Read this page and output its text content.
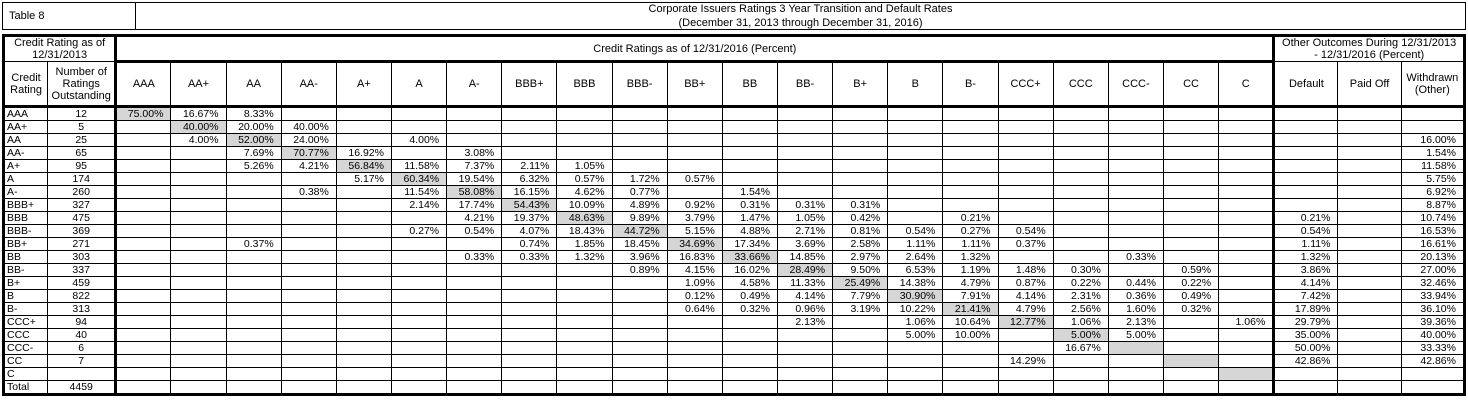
Table 8
Corporate Issuers Ratings 3 Year Transition and Default Rates
(December 31, 2013 through December 31, 2016)
Credit Rating as of 12/31/2013		Credit Ratings as of 12/31/2016 (Percent)																					Other Outcomes During 12/31/2013 - 12/31/2016 (Percent)		
Credit Rating	Number of Ratings Outstanding	AAA	AA+	AA	AA-	A+	A	A-	BBB+	BBB	BBB-	BB+	BB	BB-	B+	B	B-	CCC+	CCC	CCC-	CC	C	Default	Paid Off	Withdrawn (Other)
AAA	12	75.00%	16.67%	8.33%																					
AA+	5		40.00%	20.00%	40.00%																				
AA	25		4.00%	52.00%	24.00%		4.00%																		16.00%
AA-	65			7.69%	70.77%	16.92%		3.08%																	1.54%
A+	95			5.26%	4.21%	56.84%	11.58%	7.37%	2.11%	1.05%															11.58%
A	174					5.17%	60.34%	19.54%	6.32%	0.57%	1.72%	0.57%													5.75%
A-	260				0.38%		11.54%	58.08%	16.15%	4.62%	0.77%		1.54%												6.92%
BBB+	327						2.14%	17.74%	54.43%	10.09%	4.89%	0.92%	0.31%	0.31%	0.31%										8.87%
BBB	475							4.21%	19.37%	48.63%	9.89%	3.79%	1.47%	1.05%	0.42%		0.21%						0.21%		10.74%
BBB-	369						0.27%	0.54%	4.07%	18.43%	44.72%	5.15%	4.88%	2.71%	0.81%	0.54%	0.27%	0.54%					0.54%		16.53%
BB+	271			0.37%					0.74%	1.85%	18.45%	34.69%	17.34%	3.69%	2.58%	1.11%	1.11%	0.37%					1.11%		16.61%
BB	303							0.33%	0.33%	1.32%	3.96%	16.83%	33.66%	14.85%	2.97%	2.64%	1.32%			0.33%			1.32%		20.13%
BB-	337										0.89%	4.15%	16.02%	28.49%	9.50%	6.53%	1.19%	1.48%	0.30%		0.59%		3.86%		27.00%
B+	459											1.09%	4.58%	11.33%	25.49%	14.38%	4.79%	0.87%	0.22%	0.44%	0.22%		4.14%		32.46%
B	822											0.12%	0.49%	4.14%	7.79%	30.90%	7.91%	4.14%	2.31%	0.36%	0.49%		7.42%		33.94%
B-	313											0.64%	0.32%	0.96%	3.19%	10.22%	21.41%	4.79%	2.56%	1.60%	0.32%		17.89%		36.10%
CCC+	94													2.13%		1.06%	10.64%	12.77%	1.06%	2.13%		1.06%	29.79%		39.36%
CCC	40															5.00%	10.00%		5.00%	5.00%			35.00%		40.00%
CCC-	6																		16.67%				50.00%		33.33%
CC	7																	14.29%					42.86%		42.86%
C																									
Total	4459																								
